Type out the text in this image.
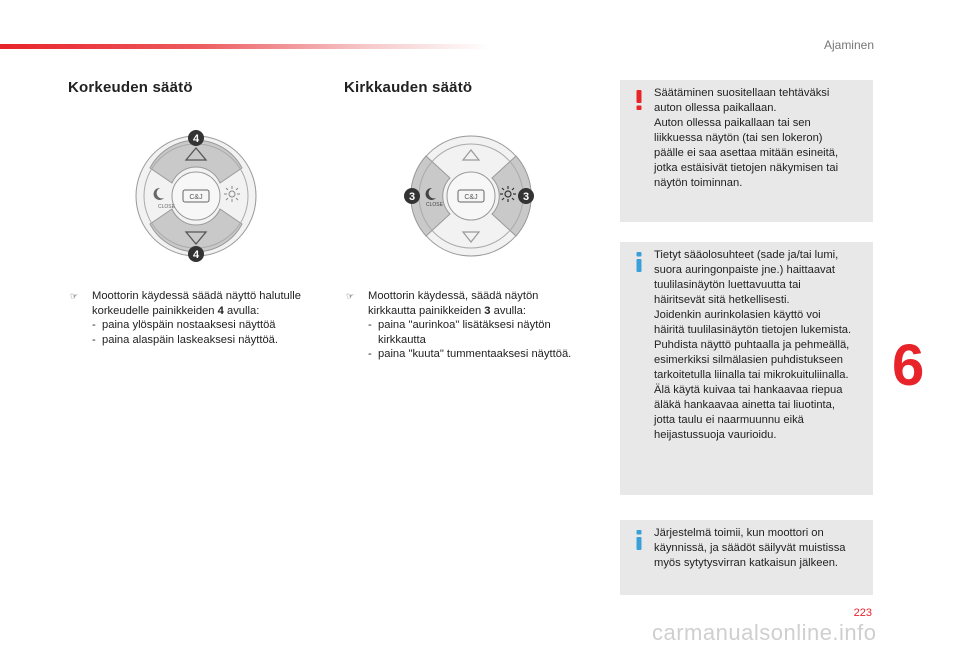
Ajaminen
Korkeuden säätö
C&J
CLOSE
4
4
☞ Moottorin käydessä säädä näyttö halutulle
korkeudelle painikkeiden 4 avulla:
- paina ylöspäin nostaaksesi näyttöä
- paina alaspäin laskeaksesi näyttöä.
Kirkkauden säätö
C&J
CLOSE
3	3
☞ Moottorin käydessä, säädä näytön
kirkkautta painikkeiden 3 avulla:
- paina "aurinkoa" lisätäksesi näytön
kirkkautta
- paina "kuuta" tummentaaksesi näyttöä.

Säätäminen suositellaan tehtäväksi
auton ollessa paikallaan.
Auton ollessa paikallaan tai sen
liikkuessa näytön (tai sen lokeron)
päälle ei saa asettaa mitään esineitä,
jotka estäisivät tietojen näkymisen tai
näytön toiminnan.

Tietyt sääolosuhteet (sade ja/tai lumi,
suora auringonpaiste jne.) haittaavat
tuulilasinäytön luettavuutta tai
häiritsevät sitä hetkellisesti.
Joidenkin aurinkolasien käyttö voi
häiritä tuulilasinäytön tietojen lukemista.
Puhdista näyttö puhtaalla ja pehmeällä,
esimerkiksi silmälasien puhdistukseen
tarkoitetulla liinalla tai mikrokuituliinalla.
Älä käytä kuivaa tai hankaavaa riepua
äläkä hankaavaa ainetta tai liuotinta,
jotta taulu ei naarmuunnu eikä
heijastussuoja vaurioidu.

Järjestelmä toimii, kun moottori on
käynnissä, ja säädöt säilyvät muistissa
myös sytytysvirran katkaisun jälkeen.

6
223
carmanualsonline.info
